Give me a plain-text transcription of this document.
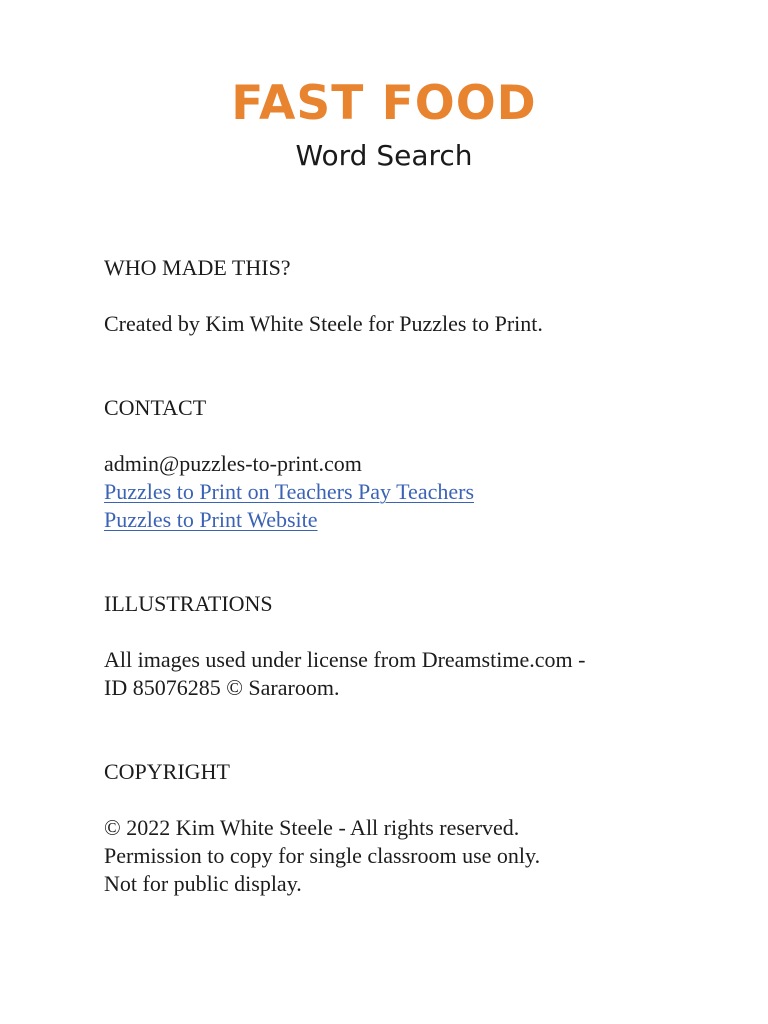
FAST FOOD
Word Search
WHO MADE THIS?
Created by Kim White Steele for Puzzles to Print.
CONTACT
admin@puzzles-to-print.com
Puzzles to Print on Teachers Pay Teachers
Puzzles to Print Website
ILLUSTRATIONS
All images used under license from Dreamstime.com -
ID 85076285 © Sararoom.
COPYRIGHT
© 2022 Kim White Steele - All rights reserved.
Permission to copy for single classroom use only.
Not for public display.
